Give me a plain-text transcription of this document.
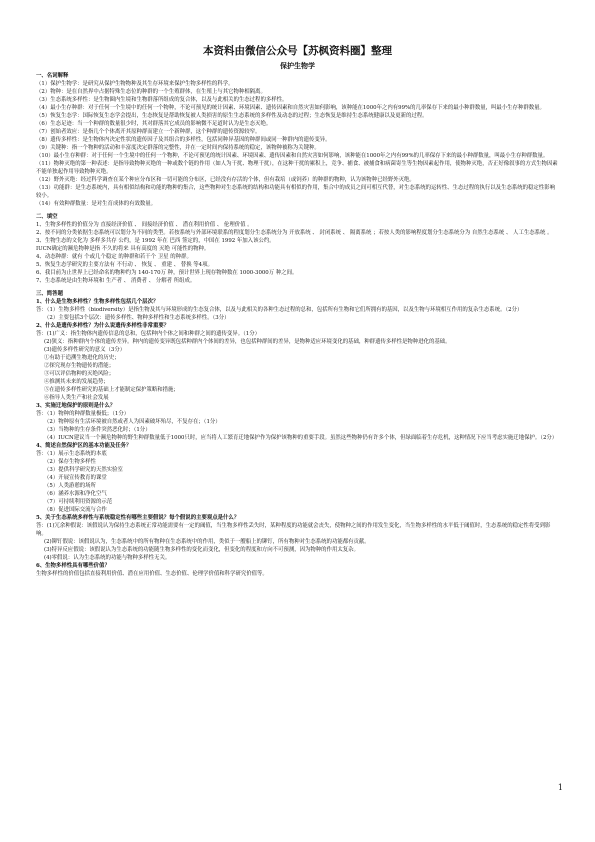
本资料由微信公众号【苏枫资料圈】整理
保护生物学

一、名词解释

（1）保护生物学：是研究从保护生物物种及其生存环境来保护生物多样性的科学。

（2）物种：是在自然界中占据特殊生态位的种群的一个生殖群体，在生殖上与其它物种相隔离。

（3）生态系统多样性：是生物圈内生境和生物群落所组成的复合体，以及与此相关的生态过程的多样性。

（4）最小生存种群：对于任何一个生境中的任何一个物种，不论可预见的统计因素、环境因素、遗传因素和自然灾害如何影响，该种能在1000年之内有99%的几率保存下来的最小种群数量，叫最小生存种群数量。

（5）恢复生态学：国际恢复生态学会提出，生态恢复是帮助恢复被人类损害的原生生态系统的多样性及动态的过程；生态恢复是维持生态系统健康以及更新的过程。

（6）生态足迹：当一个种群的数量很少时，其对群落其它成员的影响微不足道时认为是生态灭绝。

（7）创始者效应：是指几个个体离开其原种群而建立一个新种群，这个种群的遗传资源较窄。

（8）遗传多样性：是生物体内决定性状的遗传因子及其组合的多样性，包括同种异基因的种群间或同一种群内的遗传变异。

（9）关键种：指一个物种的活动和丰富度决定群落的完整性，并在一定时间内保持系统的稳定，该物种被称为关键种。

（10）最小生存种群：对于任何一个生境中的任何一个物种，不论可预见的统计因素、环境因素、遗传因素和自然灾害如何影响，该种能在1000年之内有99%的几率保存下来的最小种群数量，叫最小生存种群数量。

（11）物种灭绝的第一种表述：是指导致物种灭绝的一种或数个链的作用（如人为干扰、物理干扰），在这种干扰的累积上，竞争、捕食、被捕食和病菌寄生等生物因素起作用，使物种灭绝，否正好像叙事的方式生物因素不能单独起作用导致物种灭绝。

（12）野外灭绝：经过科学调查在某个种应分布区和一切可能的分布区，已经没有存活的个体，但有栽培（或饲养）的种群的物种，认为该物种已经野外灭绝。

（13）功能群：是生态系统内，具有相似结构和功能的物种的集合，这些物种对生态系统的结构和功能具有相似的作用，集合中的成员之间可相互代替，对生态系统的运转性、生态过程的执行以及生态系统的稳定性影响较小。

（14）有效种群数量：是对生育成体的有效数量。

二、填空

1、生物多样性的价值分为 直接经济价值 、 间接经济价值 、 潜在利用价值 、 伦理价值 。

2、按不同的分类依据生态系统可以划分为不同的类型。若按系统与外部环境联系的程度划分生态系统分为 开放系统 、 封闭系统 、 隔离系统 ；若按人类的影响程度划分生态系统分为 自然生态系统 、 人工生态系统 。

3、生物生态的文化为 多样多共存 公约，是 1992 年在 巴西 签定的，中国在 1992 年加入该公约。

IUCN确定的濒危物种是指 不久的将来 具有高度的 灭绝 可能性的物种。

4、动态种群：就有 个或几个稳定 的种群和若干个 卫星 的种群。

5、恢复生态学研究的主要方法有 不行动 、 恢复 、 重建 、 替换 等4项。

6、我目前为止世界上已经命名的物种约为 140-170万 种，预计世界上现存物种数在 1000-3000万 种之间。

7、生态系统是由生物环境和 生产者 、 消费者 、 分解者 所组成。

三、简答题

1、什么是生物多样性？生物多样性包括几个层次？

答：（1）生物多样性（biodiversity）是指生物及其与环境形成的生态复合体，以及与此相关的各种生态过程的总和，包括所有生物和它们所拥有的基因，以及生物与环境相互作用的复杂生态系统。（2分）

（2）主要包括3个层次：遗传多样性、物种多样性和生态系统多样性。（3分）

2、什么是遗传多样性？为什么说遗传多样性非常重要？

答：(1)广义：指生物体内遗传信息的总和，包括种内个体之间和种群之间的遗传变异。（1分）

(2)狭义：指种群内个体的遗传差异。种内的遗传变异既包括种群内个体间的差异，也包括种群间的差异，是物种适应环境变化的基础，种群遗传多样性是物种进化的基础。

(3)遗传多样性研究的意义（3分）

①有助于追溯生物进化的历史；

②探究现存生物遗传的潜能；

③可以评估物种的灭绝风险；

④推测其未来的发展趋势；

⑤在遗传多样性研究的基础上才能制定保护策略和措施；

⑥指导人类生产和社会发展

3、实施迁地保护的原则是什么？

答：（1）物种的种群数量极低；（1分）

（2）物种原有生活环境被自然或者人为因素破坏殆尽，不复存在；（1分）

（3）当物种的生存条件突然恶化时；（1分）

（4）IUCN建议当一个濒危物种的野生种群数量低于1000只时，应当将人工繁育迁地保护作为保护该物种的重要手段。虽然这些物种仍有许多个体，但绿面临着生存危机，这种情况下应当考虑实施迁地保护。（2分）

4、简述自然保护区的基本功能及任务？

答：（1）展示生态系统的本底

（2）保存生物多样性

（3）提供科学研究的天然实验室

（4）开展宣传教育的课堂

（5）人类游憩的场所

（6）涵养水源和净化空气

（7）可持续利用资源的示范

（8）促进国际交流与合作

5、关于生态系统多样性与系统稳定性有哪些主要假说？每个假说的主要观点是什么？

答：(1)冗余种假说：该假说认为保持生态系统正常功能需要有一定的阈值，当生物多样性丢失时，某种程度的功能就会丧失，使物种之间的作用发生变化，当生物多样性的水平低于阈值时，生态系统的稳定性将受到影响。

(2)铆钉假说：该假说认为，生态系统中的所有物种在生态系统中的作用，类似于一艘船上的铆钉，所有物种对生态系统的功能都有贡献。

(3)特异反应假说：该假说认为生态系统的功能随生物多样性的变化而变化，但变化的程度和方向不可预测，因为物种的作用太复杂。

(4)零假说：认为生态系统的功能与物种多样性无关。

6、生物多样性具有哪些价值？

生物多样性的价值包括直接利用价值、潜在应用价值、生态价值、伦理学价值和科学研究价值等。

1
